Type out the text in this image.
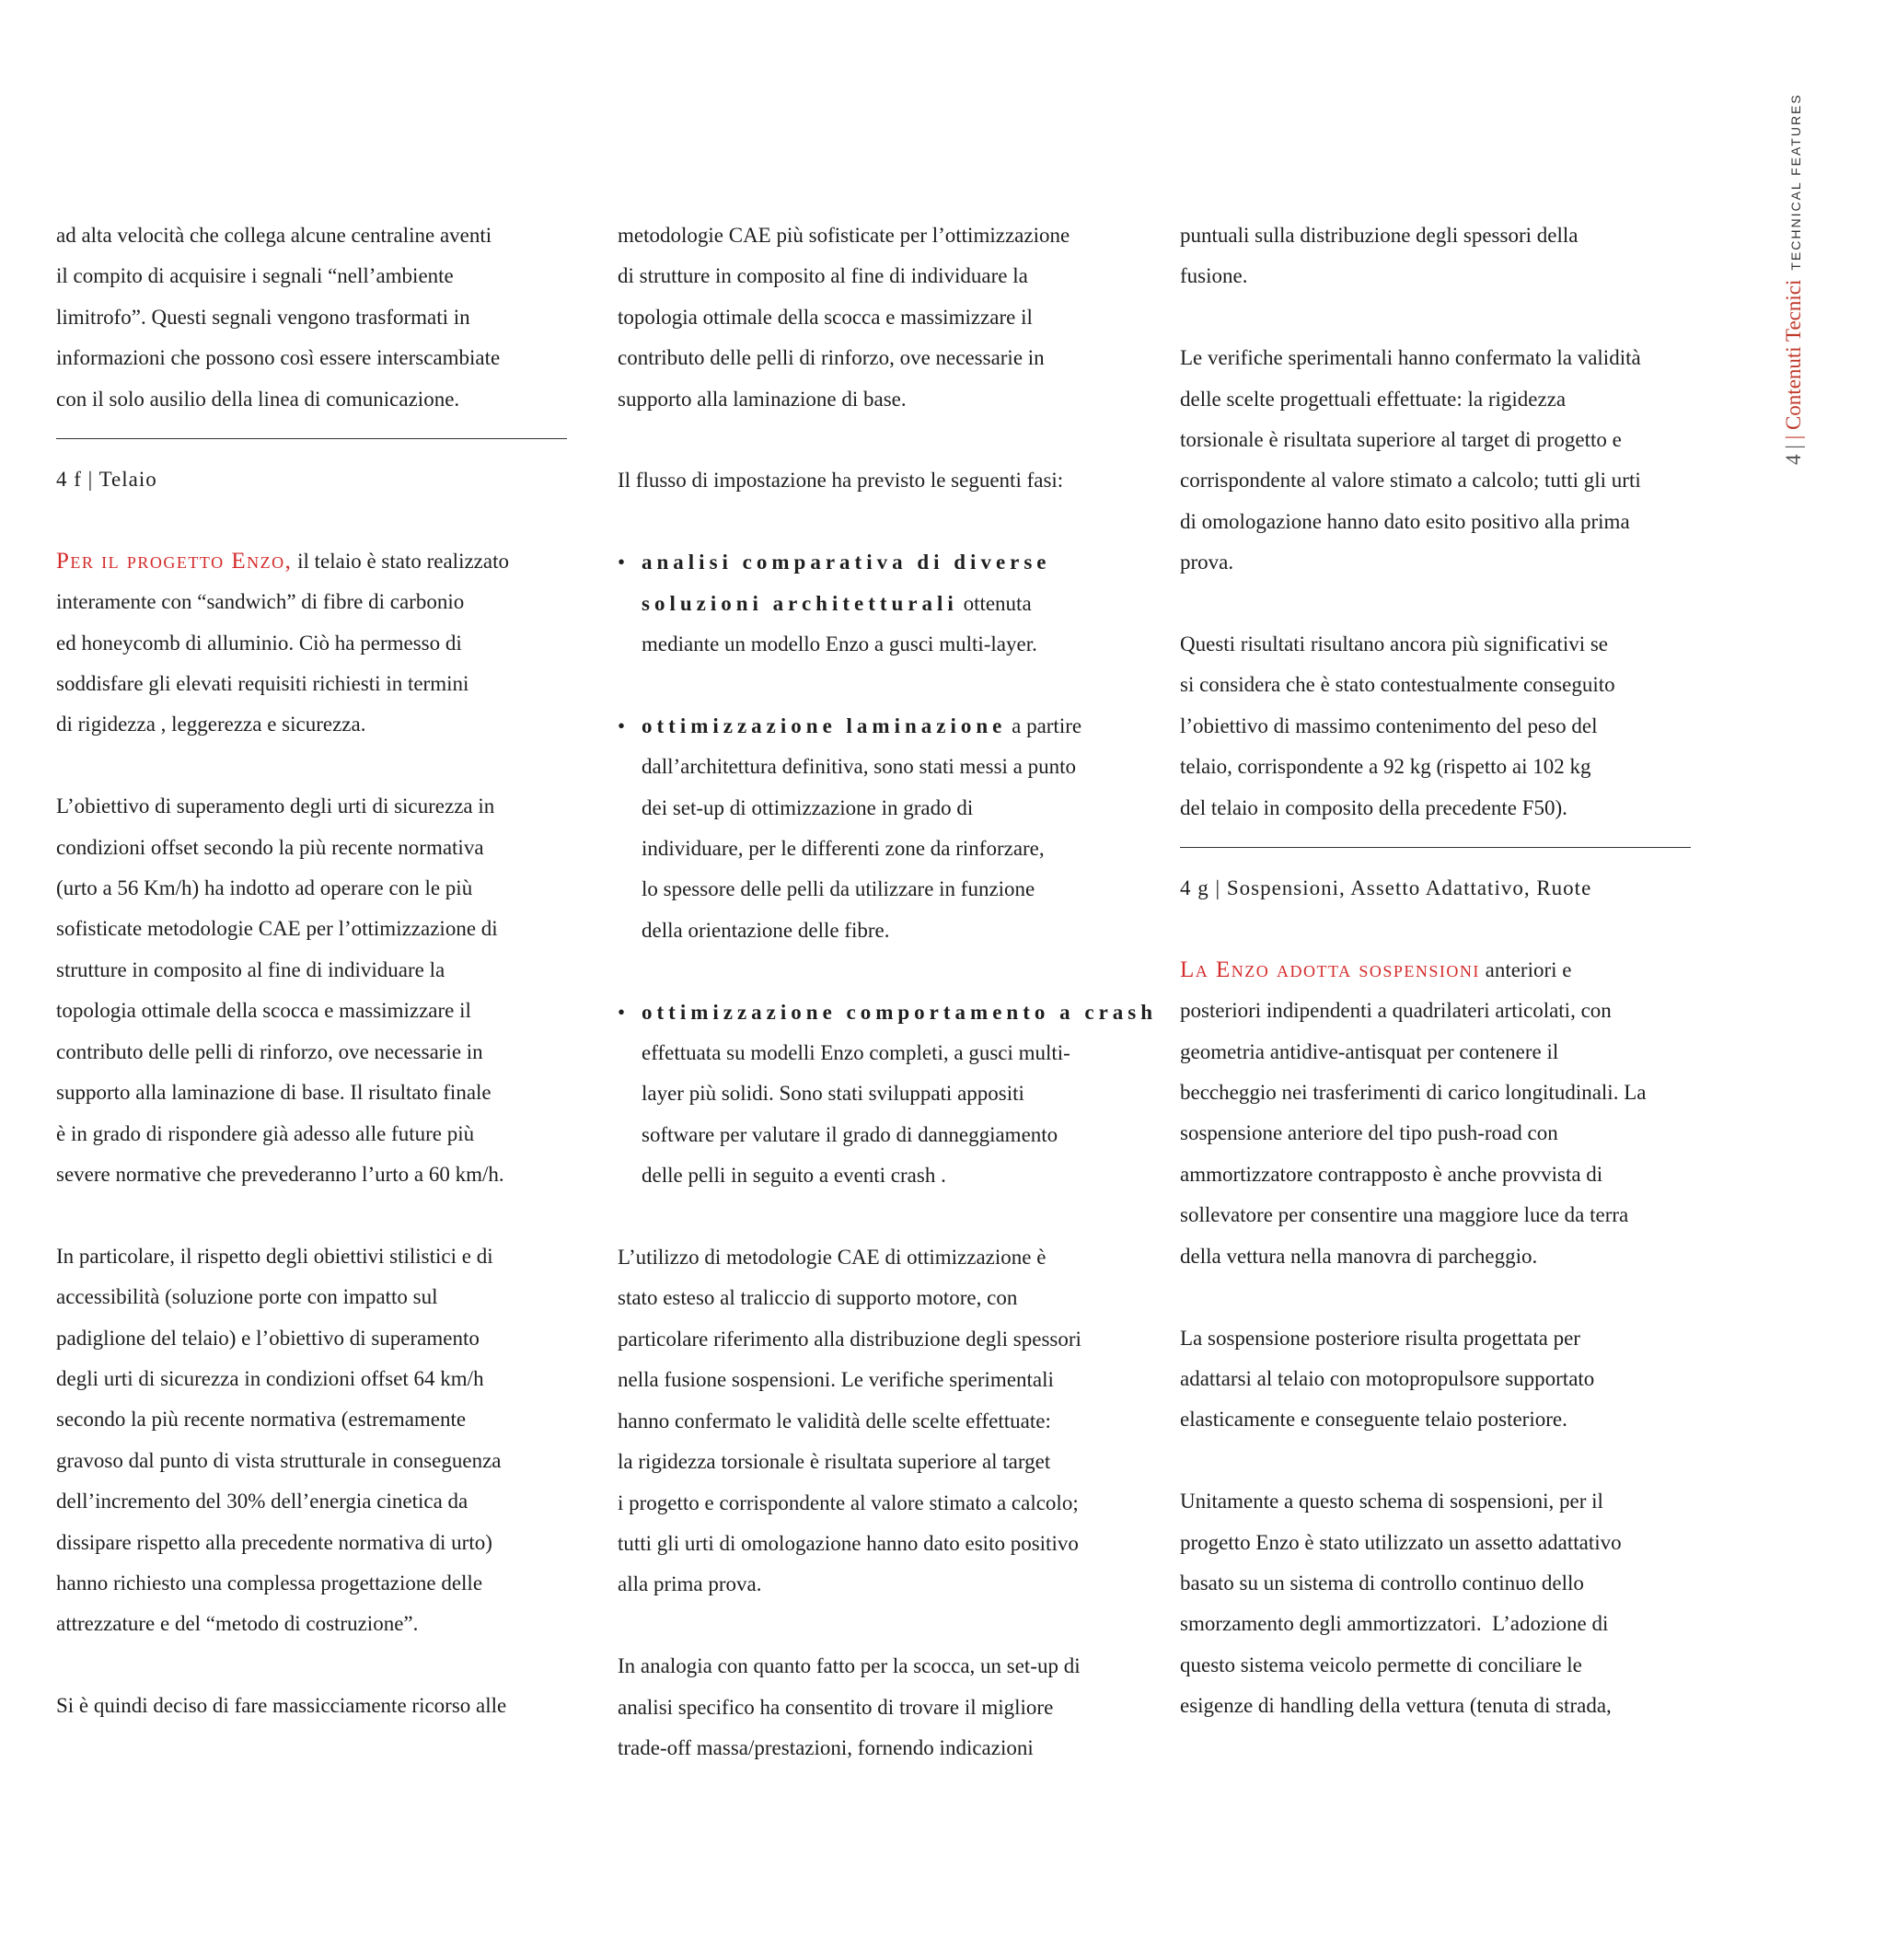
4 | | Contenuti TecniciTECHNICAL FEATURES

ad alta velocità che collega alcune centraline aventi

il compito di acquisire i segnali “nell’ambiente

limitrofo”. Questi segnali vengono trasformati in

informazioni che possono così essere interscambiate

con il solo ausilio della linea di comunicazione.

4 f | Telaio

Per il progetto Enzo, il telaio è stato realizzato

interamente con “sandwich” di fibre di carbonio

ed honeycomb di alluminio. Ciò ha permesso di

soddisfare gli elevati requisiti richiesti in termini

di rigidezza , leggerezza e sicurezza.

L’obiettivo di superamento degli urti di sicurezza in

condizioni offset secondo la più recente normativa

(urto a 56 Km/h) ha indotto ad operare con le più

sofisticate metodologie CAE per l’ottimizzazione di

strutture in composito al fine di individuare la

topologia ottimale della scocca e massimizzare il

contributo delle pelli di rinforzo, ove necessarie in

supporto alla laminazione di base. Il risultato finale

è in grado di rispondere già adesso alle future più

severe normative che prevederanno l’urto a 60 km/h.

In particolare, il rispetto degli obiettivi stilistici e di

accessibilità (soluzione porte con impatto sul

padiglione del telaio) e l’obiettivo di superamento

degli urti di sicurezza in condizioni offset 64 km/h

secondo la più recente normativa (estremamente

gravoso dal punto di vista strutturale in conseguenza

dell’incremento del 30% dell’energia cinetica da

dissipare rispetto alla precedente normativa di urto)

hanno richiesto una complessa progettazione delle

attrezzature e del “metodo di costruzione”.

Si è quindi deciso di fare massicciamente ricorso alle

metodologie CAE più sofisticate per l’ottimizzazione

di strutture in composito al fine di individuare la

topologia ottimale della scocca e massimizzare il

contributo delle pelli di rinforzo, ove necessarie in

supporto alla laminazione di base.

Il flusso di impostazione ha previsto le seguenti fasi:

• analisi comparativa di diverse

soluzioni architetturali ottenuta

mediante un modello Enzo a gusci multi-layer.

• ottimizzazione laminazione a partire

dall’architettura definitiva, sono stati messi a punto

dei set-up di ottimizzazione in grado di

individuare, per le differenti zone da rinforzare,

lo spessore delle pelli da utilizzare in funzione

della orientazione delle fibre.

• ottimizzazione comportamento a crash

effettuata su modelli Enzo completi, a gusci multi-

layer più solidi. Sono stati sviluppati appositi

software per valutare il grado di danneggiamento

delle pelli in seguito a eventi crash .

L’utilizzo di metodologie CAE di ottimizzazione è

stato esteso al traliccio di supporto motore, con

particolare riferimento alla distribuzione degli spessori

nella fusione sospensioni. Le verifiche sperimentali

hanno confermato le validità delle scelte effettuate:

la rigidezza torsionale è risultata superiore al target

i progetto e corrispondente al valore stimato a calcolo;

tutti gli urti di omologazione hanno dato esito positivo

alla prima prova.

In analogia con quanto fatto per la scocca, un set-up di

analisi specifico ha consentito di trovare il migliore

trade-off massa/prestazioni, fornendo indicazioni

puntuali sulla distribuzione degli spessori della

fusione.

Le verifiche sperimentali hanno confermato la validità

delle scelte progettuali effettuate: la rigidezza

torsionale è risultata superiore al target di progetto e

corrispondente al valore stimato a calcolo; tutti gli urti

di omologazione hanno dato esito positivo alla prima

prova.

Questi risultati risultano ancora più significativi se

si considera che è stato contestualmente conseguito

l’obiettivo di massimo contenimento del peso del

telaio, corrispondente a 92 kg (rispetto ai 102 kg

del telaio in composito della precedente F50).

4 g | Sospensioni, Assetto Adattativo, Ruote

La Enzo adotta sospensioni anteriori e

posteriori indipendenti a quadrilateri articolati, con

geometria antidive-antisquat per contenere il

beccheggio nei trasferimenti di carico longitudinali. La

sospensione anteriore del tipo push-road con

ammortizzatore contrapposto è anche provvista di

sollevatore per consentire una maggiore luce da terra

della vettura nella manovra di parcheggio.

La sospensione posteriore risulta progettata per

adattarsi al telaio con motopropulsore supportato

elasticamente e conseguente telaio posteriore.

Unitamente a questo schema di sospensioni, per il

progetto Enzo è stato utilizzato un assetto adattativo

basato su un sistema di controllo continuo dello

smorzamento degli ammortizzatori.  L’adozione di

questo sistema veicolo permette di conciliare le

esigenze di handling della vettura (tenuta di strada,
